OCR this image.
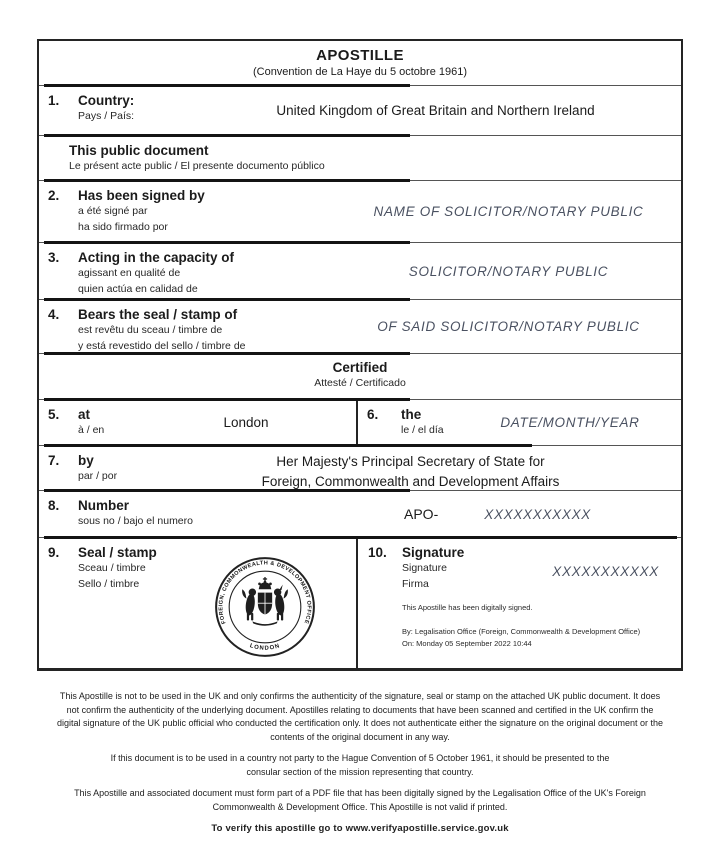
APOSTILLE
(Convention de La Haye du 5 octobre 1961)
1.	Country:
Pays / País:	United Kingdom of Great Britain and Northern Ireland
This public document
Le présent acte public / El presente documento público
2.	Has been signed by
a été signé par
ha sido firmado por
NAME OF SOLICITOR/NOTARY PUBLIC
3.	Acting in the capacity of
agissant en qualité de
quien actúa en calidad de
SOLICITOR/NOTARY PUBLIC
4.	Bears the seal / stamp of
est revêtu du sceau / timbre de
y está revestido del sello / timbre de
OF SAID SOLICITOR/NOTARY PUBLIC
Certified
Attesté / Certificado
5.	at
à / en	London
6.	the
le / el día	DATE/MONTH/YEAR
7.	by
par / por
Her Majesty's Principal Secretary of State for
Foreign, Commonwealth and Development Affairs
8.	Number
sous no / bajo el numero	APO-	XXXXXXXXXXX
9.	Seal / stamp
Sceau / timbre
Sello / timbre
FOREIGN, COMMONWEALTH & DEVELOPMENT OFFICE
LONDON
10.	Signature
Signature
Firma
XXXXXXXXXXX
This Apostille has been digitally signed.
By: Legalisation Office (Foreign, Commonwealth & Development Office)
On: Monday 05 September 2022 10:44

This Apostille is not to be used in the UK and only confirms the authenticity of the signature, seal or stamp on the attached UK public document. It does not confirm the authenticity of the underlying document. Apostilles relating to documents that have been scanned and certified in the UK confirm the digital signature of the UK public official who conducted the certification only. It does not authenticate either the signature on the original document or the contents of the original document in any way.

If this document is to be used in a country not party to the Hague Convention of 5 October 1961, it should be presented to the consular section of the mission representing that country.

This Apostille and associated document must form part of a PDF file that has been digitally signed by the Legalisation Office of the UK's Foreign Commonwealth & Development Office. This Apostille is not valid if printed.

To verify this apostille go to www.verifyapostille.service.gov.uk
